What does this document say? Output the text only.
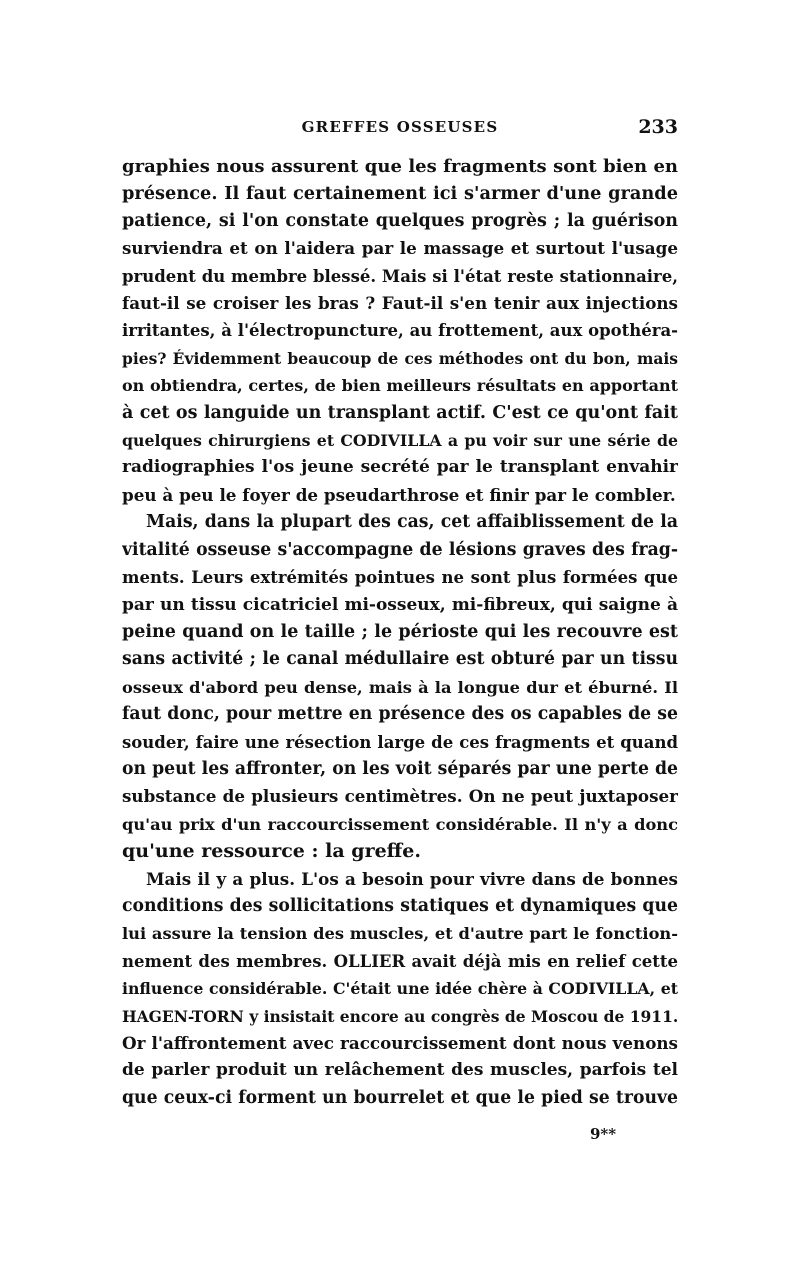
GREFFES OSSEUSES	233
graphies nous assurent que les fragments sont bien en
présence. Il faut certainement ici s'armer d'une grande
patience, si l'on constate quelques progrès ; la guérison
surviendra et on l'aidera par le massage et surtout l'usage
prudent du membre blessé. Mais si l'état reste stationnaire,
faut-il se croiser les bras ? Faut-il s'en tenir aux injections
irritantes, à l'électropuncture, au frottement, aux opothéra-
pies? Évidemment beaucoup de ces méthodes ont du bon, mais
on obtiendra, certes, de bien meilleurs résultats en apportant
à cet os languide un transplant actif. C'est ce qu'ont fait
quelques chirurgiens et CODIVILLA a pu voir sur une série de
radiographies l'os jeune secrété par le transplant envahir
peu à peu le foyer de pseudarthrose et finir par le combler.
Mais, dans la plupart des cas, cet affaiblissement de la
vitalité osseuse s'accompagne de lésions graves des frag-
ments. Leurs extrémités pointues ne sont plus formées que
par un tissu cicatriciel mi-osseux, mi-fibreux, qui saigne à
peine quand on le taille ; le périoste qui les recouvre est
sans activité ; le canal médullaire est obturé par un tissu
osseux d'abord peu dense, mais à la longue dur et éburné. Il
faut donc, pour mettre en présence des os capables de se
souder, faire une résection large de ces fragments et quand
on peut les affronter, on les voit séparés par une perte de
substance de plusieurs centimètres. On ne peut juxtaposer
qu'au prix d'un raccourcissement considérable. Il n'y a donc
qu'une ressource : la greffe.
Mais il y a plus. L'os a besoin pour vivre dans de bonnes
conditions des sollicitations statiques et dynamiques que
lui assure la tension des muscles, et d'autre part le fonction-
nement des membres. OLLIER avait déjà mis en relief cette
influence considérable. C'était une idée chère à CODIVILLA, et
HAGEN-TORN y insistait encore au congrès de Moscou de 1911.
Or l'affrontement avec raccourcissement dont nous venons
de parler produit un relâchement des muscles, parfois tel
que ceux-ci forment un bourrelet et que le pied se trouve
9**
